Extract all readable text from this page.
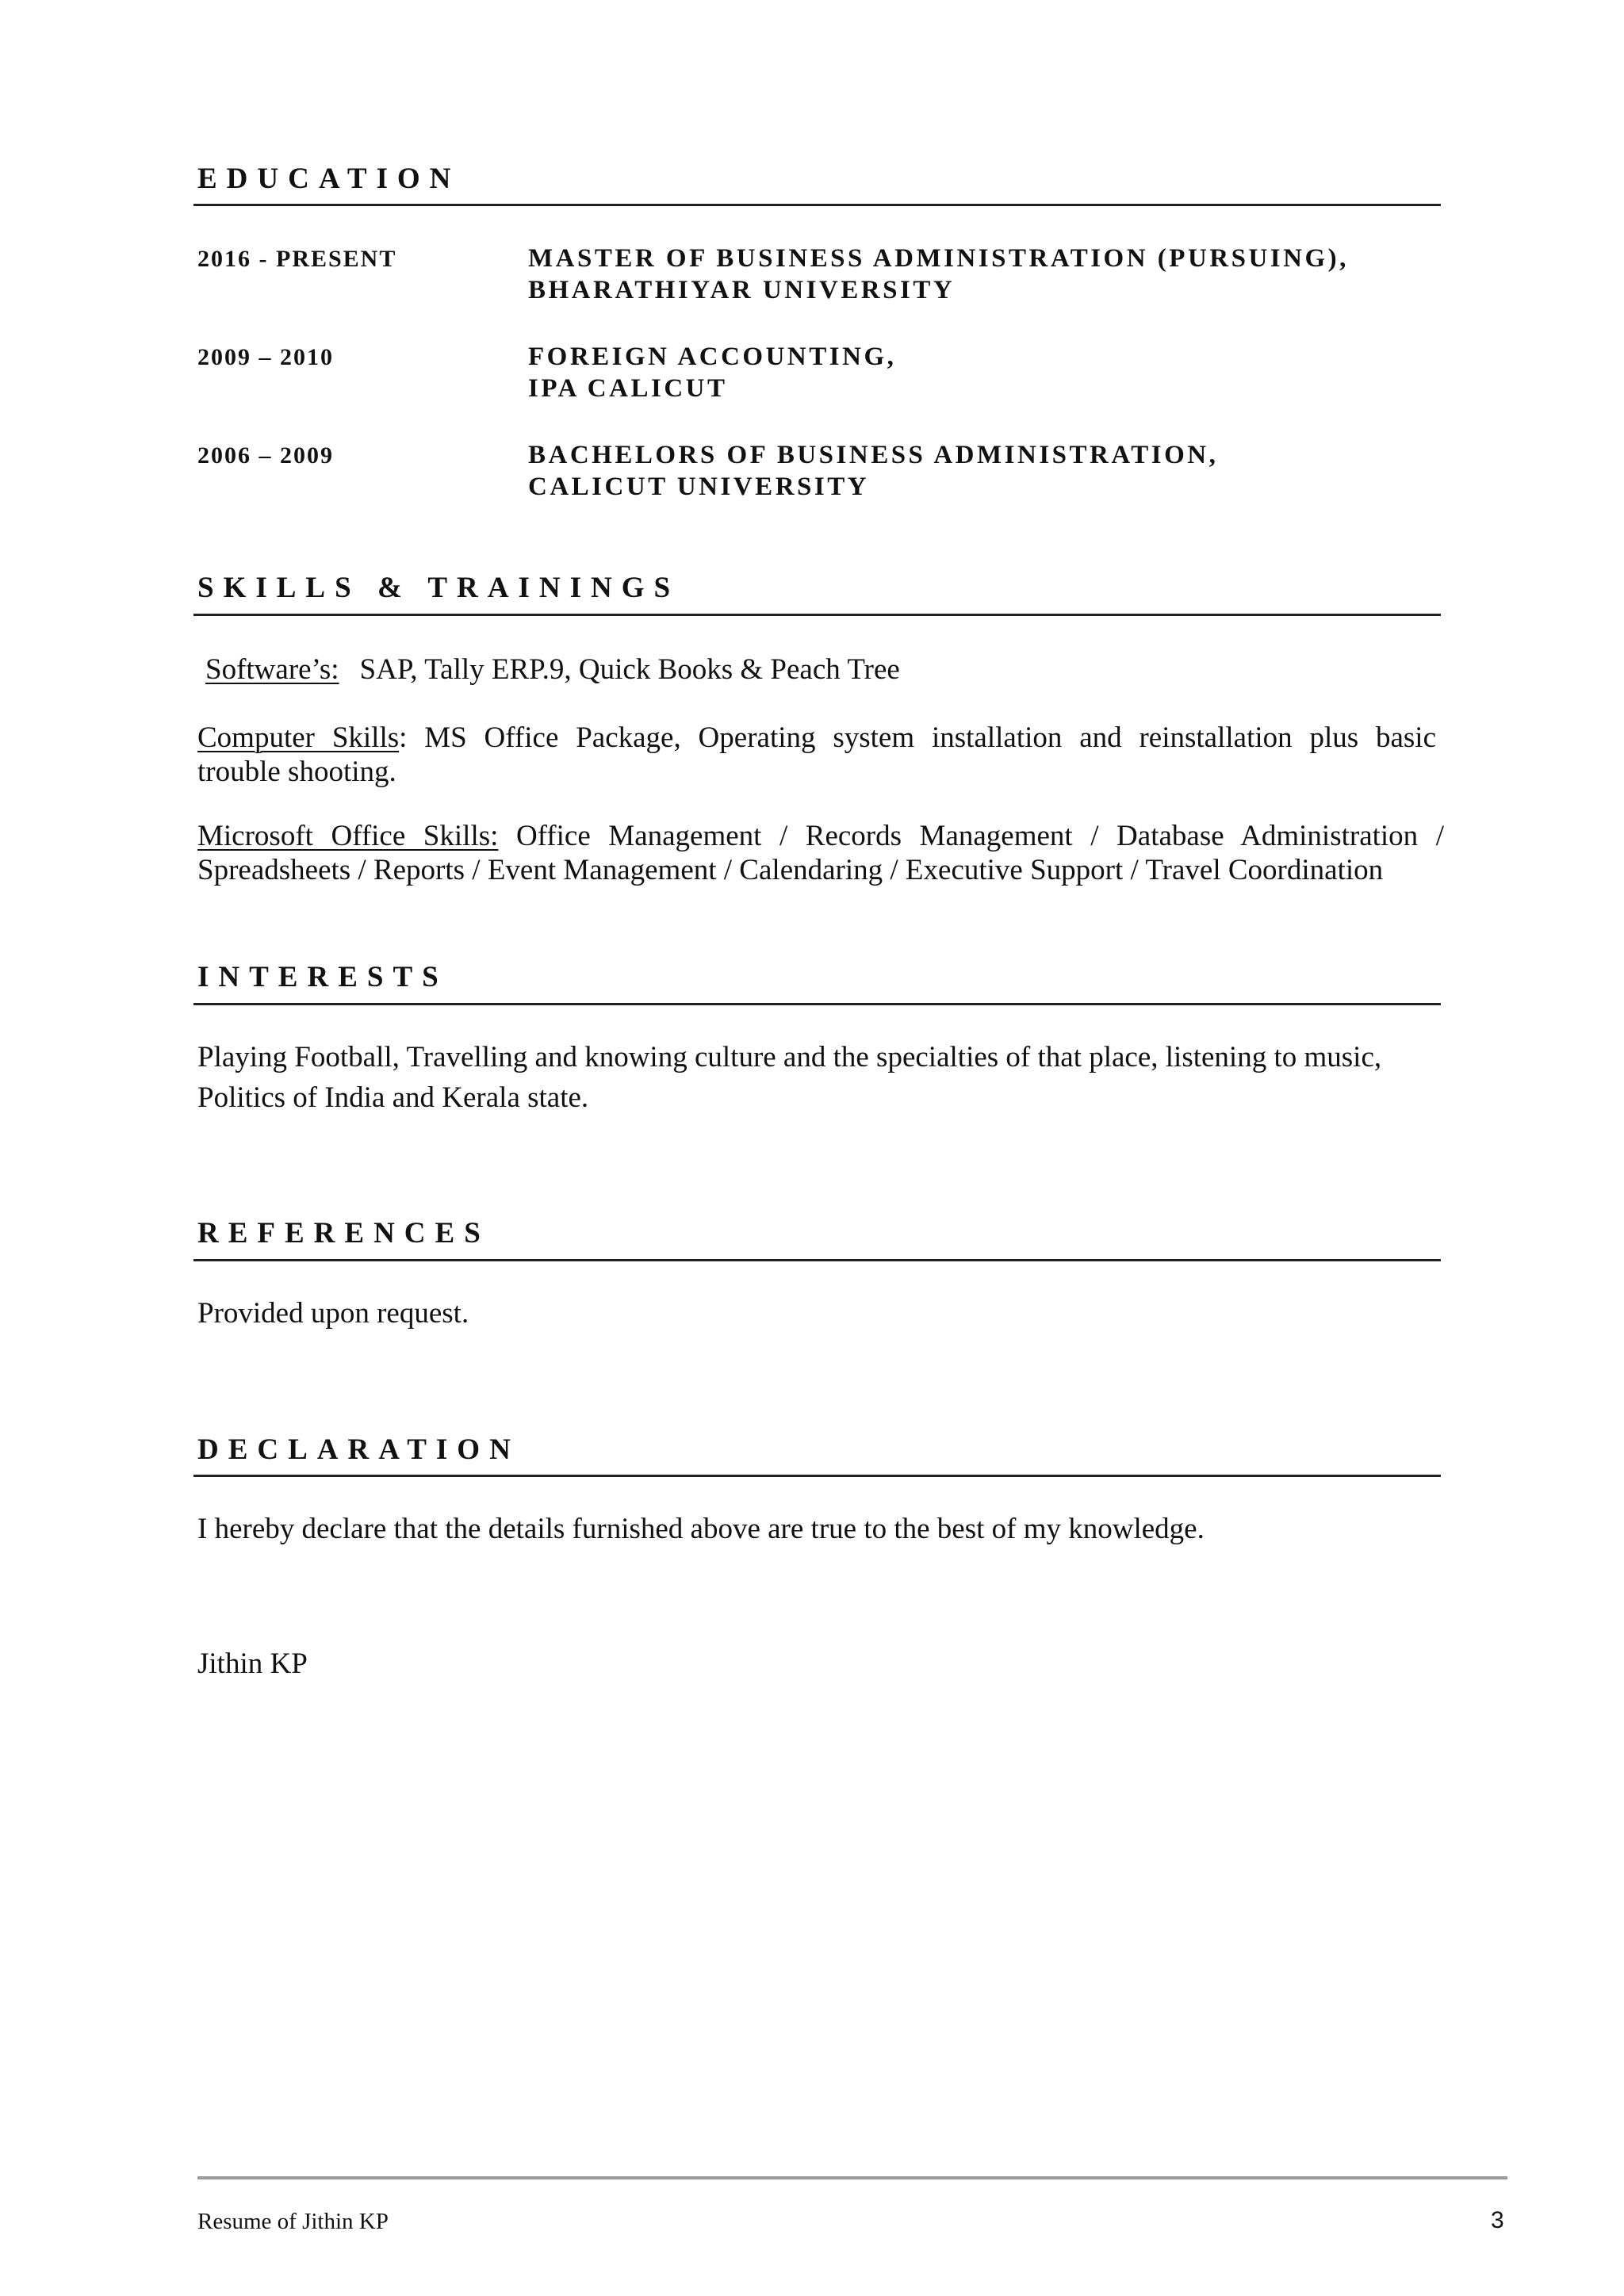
EDUCATION
2016 - PRESENT	MASTER OF BUSINESS ADMINISTRATION (PURSUING),
BHARATHIYAR UNIVERSITY
2009 – 2010	FOREIGN ACCOUNTING,
IPA CALICUT
2006 – 2009	BACHELORS OF BUSINESS ADMINISTRATION,
CALICUT UNIVERSITY
SKILLS & TRAININGS
Software’s: SAP, Tally ERP.9, Quick Books & Peach Tree
Computer Skills: MS Office Package, Operating system installation and reinstallation plus basic
trouble shooting.
Microsoft Office Skills: Office Management / Records Management / Database Administration /
Spreadsheets / Reports / Event Management / Calendaring / Executive Support / Travel Coordination
INTERESTS
Playing Football, Travelling and knowing culture and the specialties of that place, listening to music,
Politics of India and Kerala state.
REFERENCES
Provided upon request.
DECLARATION
I hereby declare that the details furnished above are true to the best of my knowledge.
Jithin KP
Resume of Jithin KP	3
